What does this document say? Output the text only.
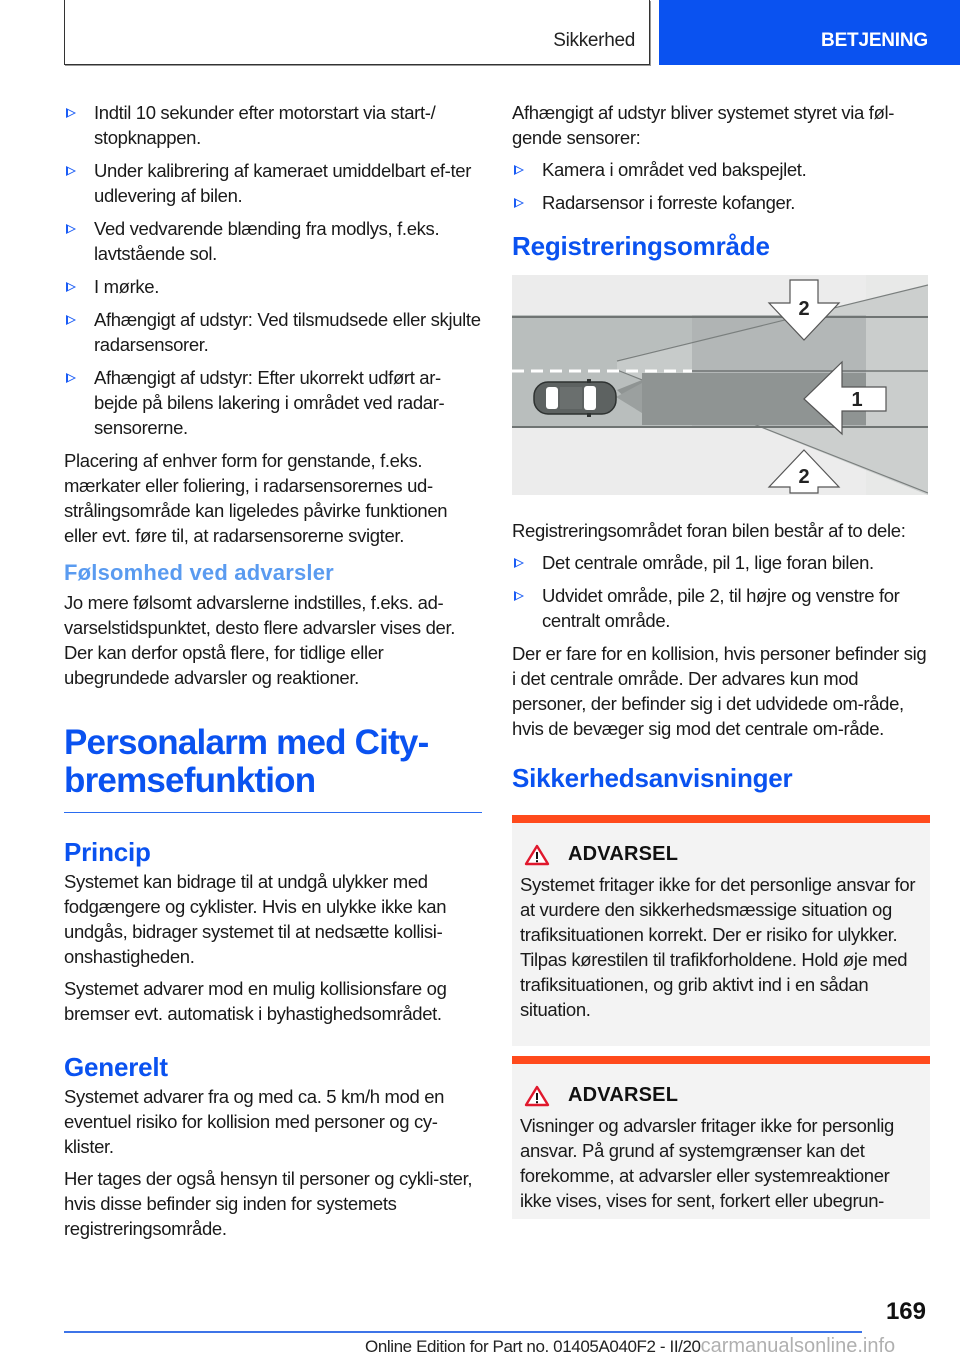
Sikkerhed	BETJENING
Indtil 10 sekunder efter motorstart via start-/ stopknappen.
Under kalibrering af kameraet umiddelbart ef-ter udlevering af bilen.
Ved vedvarende blænding fra modlys, f.eks. lavtstående sol.
I mørke.
Afhængigt af udstyr: Ved tilsmudsede eller skjulte radarsensorer.
Afhængigt af udstyr: Efter ukorrekt udført ar-bejde på bilens lakering i området ved radar-sensorerne.

Placering af enhver form for genstande, f.eks. mærkater eller foliering, i radarsensorernes ud-strålingsområde kan ligeledes påvirke funktionen eller evt. føre til, at radarsensorerne svigter.

Følsomhed ved advarsler

Jo mere følsomt advarslerne indstilles, f.eks. ad-varselstidspunktet, desto flere advarsler vises der. Der kan derfor opstå flere, for tidlige eller ubegrundede advarsler og reaktioner.

Personalarm med City-bremsefunktion
Princip

Systemet kan bidrage til at undgå ulykker med fodgængere og cyklister. Hvis en ulykke ikke kan undgås, bidrager systemet til at nedsætte kollisi-onshastigheden.

Systemet advarer mod en mulig kollisionsfare og bremser evt. automatisk i byhastighedsområdet.

Generelt

Systemet advarer fra og med ca. 5 km/h mod en eventuel risiko for kollision med personer og cy-klister.

Her tages der også hensyn til personer og cykli-ster, hvis disse befinder sig inden for systemets registreringsområde.

Afhængigt af udstyr bliver systemet styret via føl-gende sensorer:

Kamera i området ved bakspejlet.
Radarsensor i forreste kofanger.
Registreringsområde
2
1
2

Registreringsområdet foran bilen består af to dele:

Det centrale område, pil 1, lige foran bilen.
Udvidet område, pile 2, til højre og venstre for centralt område.

Der er fare for en kollision, hvis personer befinder sig i det centrale område. Der advares kun mod personer, der befinder sig i det udvidede om-råde, hvis de bevæger sig mod det centrale om-råde.

Sikkerhedsanvisninger
ADVARSEL

Systemet fritager ikke for det personlige ansvar for at vurdere den sikkerhedsmæssige situation og trafiksituationen korrekt. Der er risiko for ulykker. Tilpas kørestilen til trafikforholdene. Hold øje med trafiksituationen, og grib aktivt ind i en sådan situation.

ADVARSEL

Visninger og advarsler fritager ikke for personlig ansvar. På grund af systemgrænser kan det forekomme, at advarsler eller systemreaktioner ikke vises, vises for sent, forkert eller ubegrun-

169
Online Edition for Part no. 01405A040F2 - II/20carmanualsonline.info
